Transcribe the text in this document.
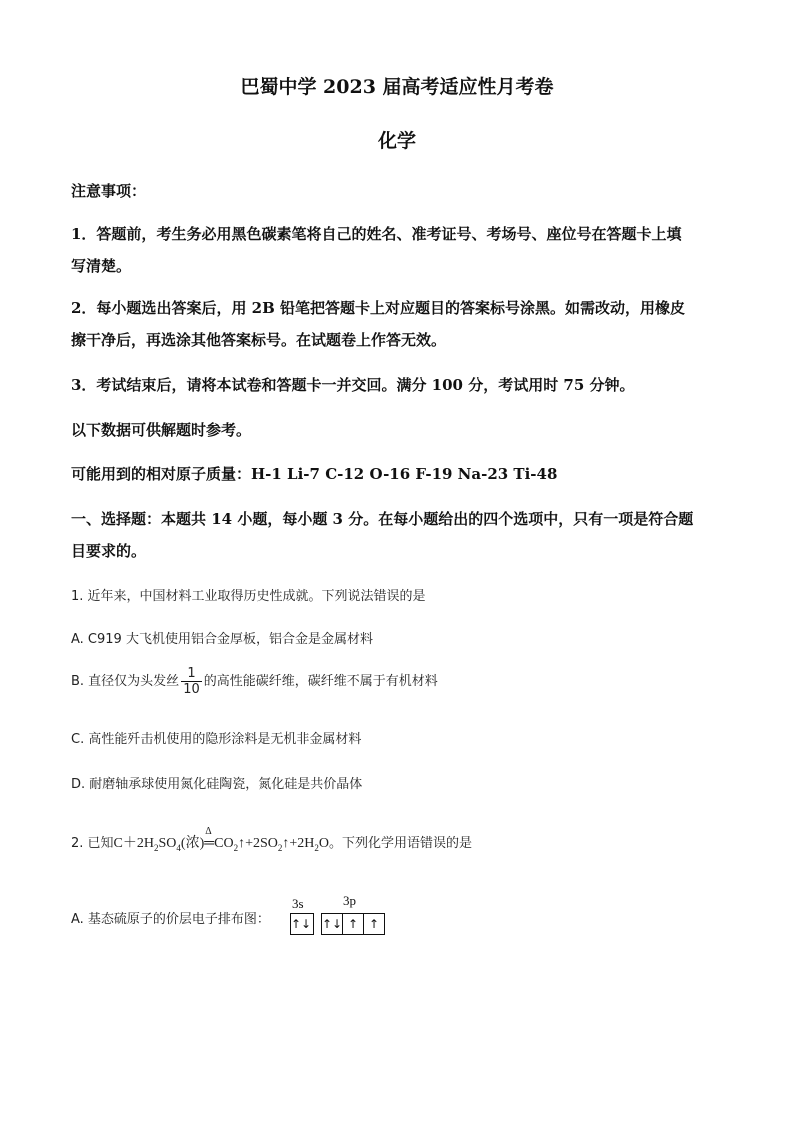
巴蜀中学 2023 届高考适应性月考卷
化学
注意事项：
1．答题前，考生务必用黑色碳素笔将自己的姓名、准考证号、考场号、座位号在答题卡上填
写清楚。
2．每小题选出答案后，用 2B 铅笔把答题卡上对应题目的答案标号涂黑。如需改动，用橡皮
擦干净后，再选涂其他答案标号。在试题卷上作答无效。
3．考试结束后，请将本试卷和答题卡一并交回。满分 100 分，考试用时 75 分钟。
以下数据可供解题时参考。
可能用到的相对原子质量：H-1 Li-7 C-12 O-16 F-19 Na-23 Ti-48
一、选择题：本题共 14 小题，每小题 3 分。在每小题给出的四个选项中，只有一项是符合题
目要求的。
1. 近年来，中国材料工业取得历史性成就。下列说法错误的是
A. C919 大飞机使用铝合金厚板，铝合金是金属材料
B. 直径仅为头发丝 $\frac{1}{10}$ 的高性能碳纤维，碳纤维不属于有机材料
C. 高性能歼击机使用的隐形涂料是无机非金属材料
D. 耐磨轴承球使用氮化硅陶瓷，氮化硅是共价晶体
2. 已知$C+2H_2SO_4$(浓)
Δ
$═CO_2↑+2SO_2↑+2H_2O$。下列化学用语错误的是
A. 基态硫原子的价层电子排布图：
3s	3p
↑↓ ↑↓ ↑ ↑
